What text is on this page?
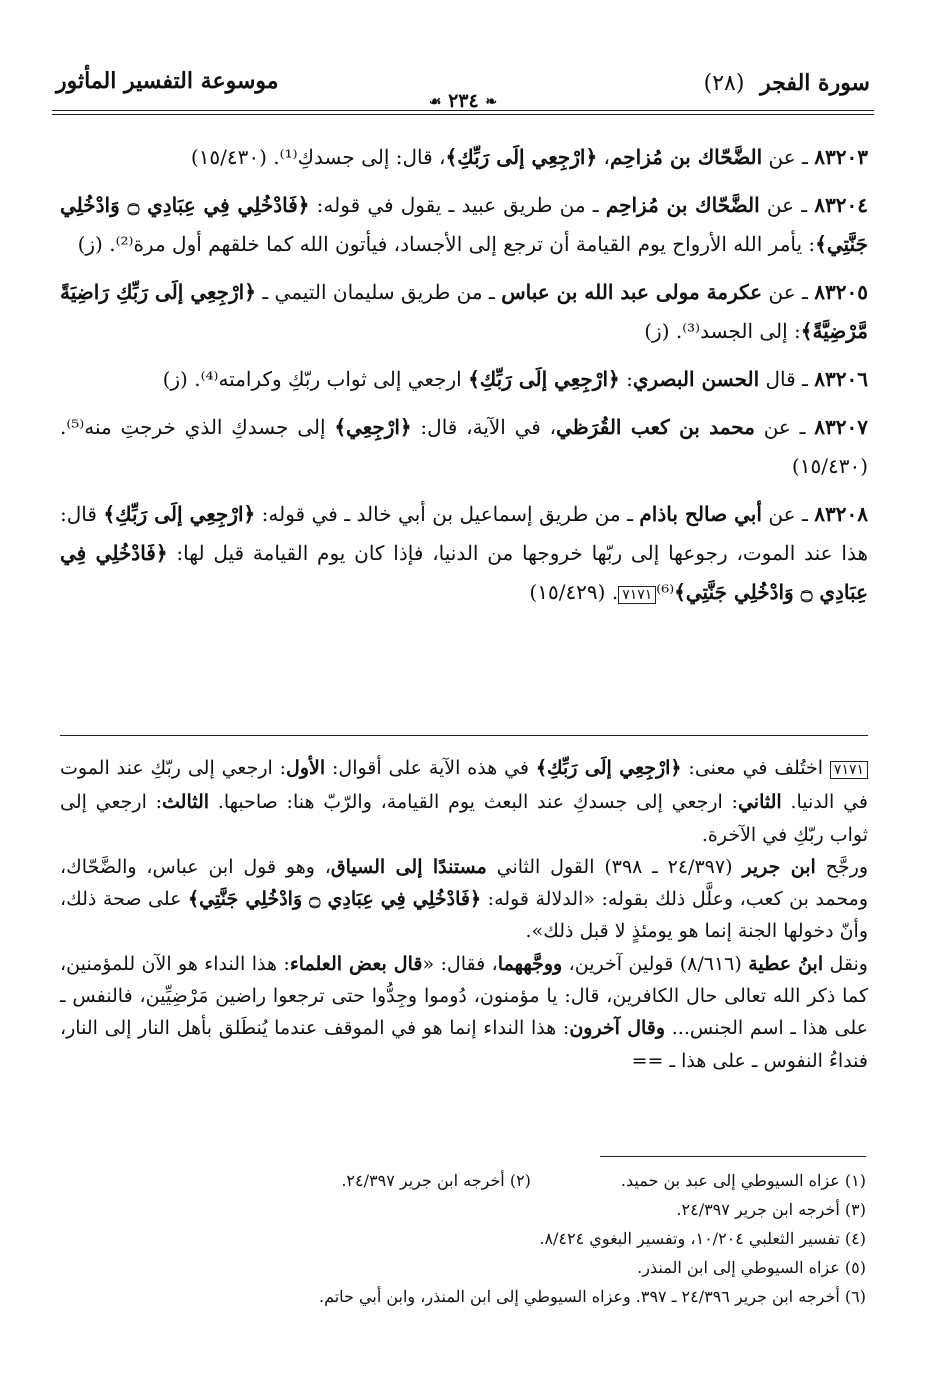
سورة الفجر (٢٨)
❧ ٢٣٤ ☙
موسوعة التفسير المأثور

٨٣٢٠٣ ـ عن الضَّحّاك بن مُزاحِم، ﴿ارْجِعِي إلَى رَبِّكِ﴾، قال: إلى جسدكِ⁽¹⁾. (١٥/٤٣٠)

٨٣٢٠٤ ـ عن الضَّحّاك بن مُزاحِم ـ من طريق عبيد ـ يقول في قوله: ﴿فَادْخُلِي فِي عِبَادِي ۝ وَادْخُلِي جَنَّتِي﴾: يأمر الله الأرواح يوم القيامة أن ترجع إلى الأجساد، فيأتون الله كما خلقهم أول مرة⁽²⁾. (ز)

٨٣٢٠٥ ـ عن عكرمة مولى عبد الله بن عباس ـ من طريق سليمان التيمي ـ ﴿ارْجِعِي إلَى رَبِّكِ رَاضِيَةً مَّرْضِيَّةً﴾: إلى الجسد⁽³⁾. (ز)

٨٣٢٠٦ ـ قال الحسن البصري: ﴿ارْجِعِي إلَى رَبِّكِ﴾ ارجعي إلى ثواب ربّكِ وكرامته⁽⁴⁾. (ز)

٨٣٢٠٧ ـ عن محمد بن كعب القُرَظي، في الآية، قال: ﴿ارْجِعِي﴾ إلى جسدكِ الذي خرجتِ منه⁽⁵⁾. (١٥/٤٣٠)

٨٣٢٠٨ ـ عن أبي صالح باذام ـ من طريق إسماعيل بن أبي خالد ـ في قوله: ﴿ارْجِعِي إلَى رَبِّكِ﴾ قال: هذا عند الموت، رجوعها إلى ربّها خروجها من الدنيا، فإذا كان يوم القيامة قيل لها: ﴿فَادْخُلِي فِي عِبَادِي ۝ وَادْخُلِي جَنَّتِي﴾⁽⁶⁾٧١٧١. (١٥/٤٢٩)

٧١٧١ اختُلف في معنى: ﴿ارْجِعِي إلَى رَبِّكِ﴾ في هذه الآية على أقوال: الأول: ارجعي إلى ربّكِ عند الموت في الدنيا. الثاني: ارجعي إلى جسدكِ عند البعث يوم القيامة، والرّبّ هنا: صاحبها. الثالث: ارجعي إلى ثواب ربّكِ في الآخرة.

ورجَّح ابن جرير (٢٤/٣٩٧ ـ ٣٩٨) القول الثاني مستندًا إلى السياق، وهو قول ابن عباس، والضَّحّاك، ومحمد بن كعب، وعلَّل ذلك بقوله: «الدلالة قوله: ﴿فَادْخُلِي فِي عِبَادِي ۝ وَادْخُلِي جَنَّتِي﴾ على صحة ذلك، وأنّ دخولها الجنة إنما هو يومئذٍ لا قبل ذلك».

ونقل ابنُ عطية (٨/٦١٦) قولين آخرين، ووجَّههما، فقال: «قال بعض العلماء: هذا النداء هو الآن للمؤمنين، كما ذكر الله تعالى حال الكافرين، قال: يا مؤمنون، دُوموا وجِدُّوا حتى ترجعوا راضين مَرْضِيِّين، فالنفس ـ على هذا ـ اسم الجنس... وقال آخرون: هذا النداء إنما هو في الموقف عندما يُنطَلق بأهل النار إلى النار، فنداءُ النفوس ـ على هذا ـ ==

(١) عزاه السيوطي إلى عبد بن حميد.(٢) أخرجه ابن جرير ٢٤/٣٩٧.

(٣) أخرجه ابن جرير ٢٤/٣٩٧.

(٤) تفسير الثعلبي ١٠/٢٠٤، وتفسير البغوي ٨/٤٢٤.

(٥) عزاه السيوطي إلى ابن المنذر.

(٦) أخرجه ابن جرير ٢٤/٣٩٦ ـ ٣٩٧. وعزاه السيوطي إلى ابن المنذر، وابن أبي حاتم.
